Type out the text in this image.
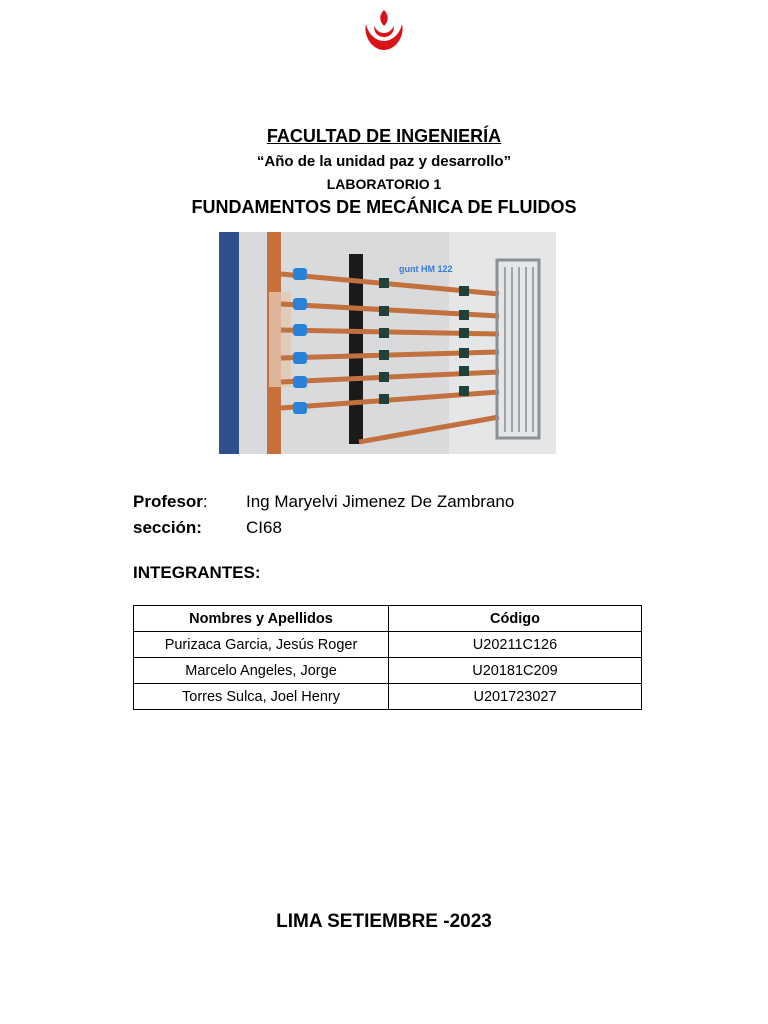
FACULTAD DE INGENIERÍA
“Año de la unidad paz y desarrollo”
LABORATORIO 1
FUNDAMENTOS DE MECÁNICA DE FLUIDOS
gunt HM 122
Profesor: Ing Maryelvi Jimenez De Zambrano
sección:	CI68
INTEGRANTES:
Nombres y Apellidos	Código
Purizaca Garcia, Jesús Roger	U20211C126
Marcelo Angeles, Jorge	U20181C209
Torres Sulca, Joel Henry	U201723027
LIMA SETIEMBRE -2023
